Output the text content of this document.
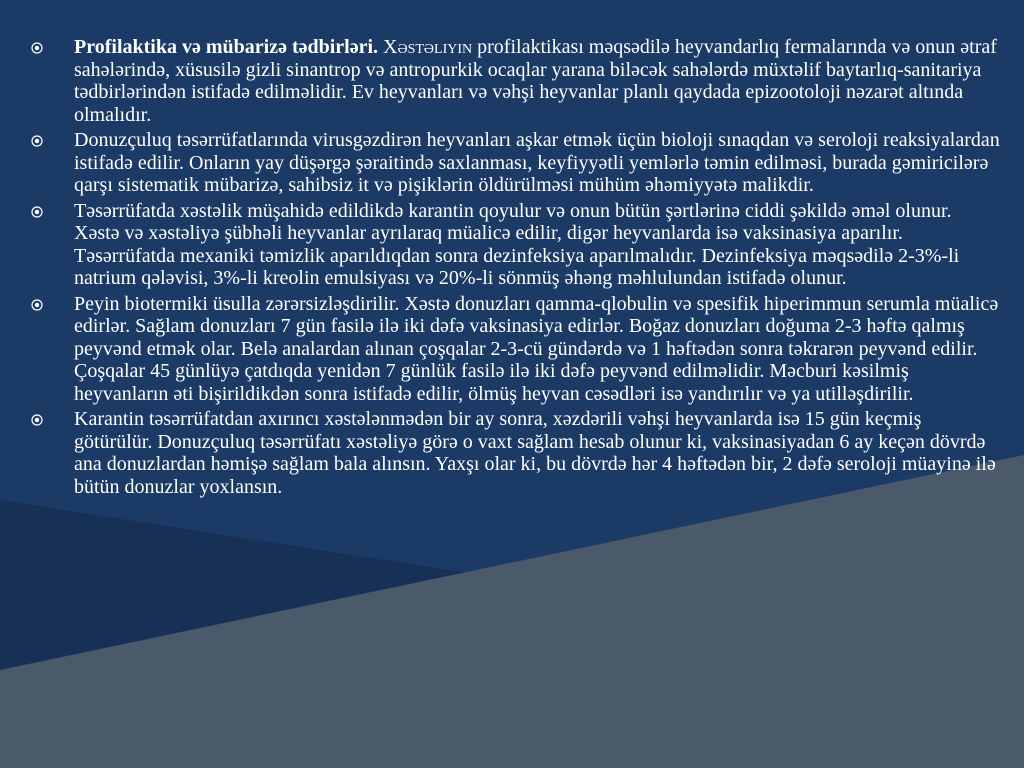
Profilaktika və mübarizə tədbirləri. Xəstəliyin profilaktikası məqsədilə heyvandarlıq fermalarında və onun ətraf sahələrində, xüsusilə gizli sinantrop və antropurkik ocaqlar yarana biləcək sahələrdə müxtəlif baytarlıq-sanitariya tədbirlərindən istifadə edilməlidir. Ev heyvanları və vəhşi heyvanlar planlı qaydada epizootoloji nəzarət altında olmalıdır.
Donuzçuluq təsərrüfatlarında virusgəzdirən heyvanları aşkar etmək üçün bioloji sınaqdan və seroloji reaksiyalardan istifadə edilir. Onların yay düşərgə şəraitində saxlanması, keyfiyyətli yemlərlə təmin edilməsi, burada gəmiricilərə qarşı sistematik mübarizə, sahibsiz it və pişiklərin öldürülməsi mühüm əhəmiyyətə malikdir.
Təsərrüfatda xəstəlik müşahidə edildikdə karantin qoyulur və onun bütün şərtlərinə ciddi şəkildə əməl olunur. Xəstə və xəstəliyə şübhəli heyvanlar ayrılaraq müalicə edilir, digər heyvanlarda isə vaksinasiya aparılır. Təsərrüfatda mexaniki təmizlik aparıldıqdan sonra dezinfeksiya aparılmalıdır. Dezinfeksiya məqsədilə 2-3%-li natrium qələvisi, 3%-li kreolin emulsiyası və 20%-li sönmüş əhəng məhlulundan istifadə olunur.
Peyin biotermiki üsulla zərərsizləşdirilir. Xəstə donuzları qamma-qlobulin və spesifik hiperimmun serumla müalicə edirlər. Sağlam donuzları 7 gün fasilə ilə iki dəfə vaksinasiya edirlər. Boğaz donuzları doğuma 2-3 həftə qalmış peyvənd etmək olar. Belə analardan alınan çoşqalar 2-3-cü gündərdə və 1 həftədən sonra təkrarən peyvənd edilir. Çoşqalar 45 günlüyə çatdıqda yenidən 7 günlük fasilə ilə iki dəfə peyvənd edilməlidir. Məcburi kəsilmiş heyvanların əti bişirildikdən sonra istifadə edilir, ölmüş heyvan cəsədləri isə yandırılır və ya utilləşdirilir.
Karantin təsərrüfatdan axırıncı xəstələnmədən bir ay sonra, xəzdərili vəhşi heyvanlarda isə 15 gün keçmiş götürülür. Donuzçuluq təsərrüfatı xəstəliyə görə o vaxt sağlam hesab olunur ki, vaksinasiyadan 6 ay keçən dövrdə ana donuzlardan həmişə sağlam bala alınsın. Yaxşı olar ki, bu dövrdə hər 4 həftədən bir, 2 dəfə seroloji müayinə ilə bütün donuzlar yoxlansın.
